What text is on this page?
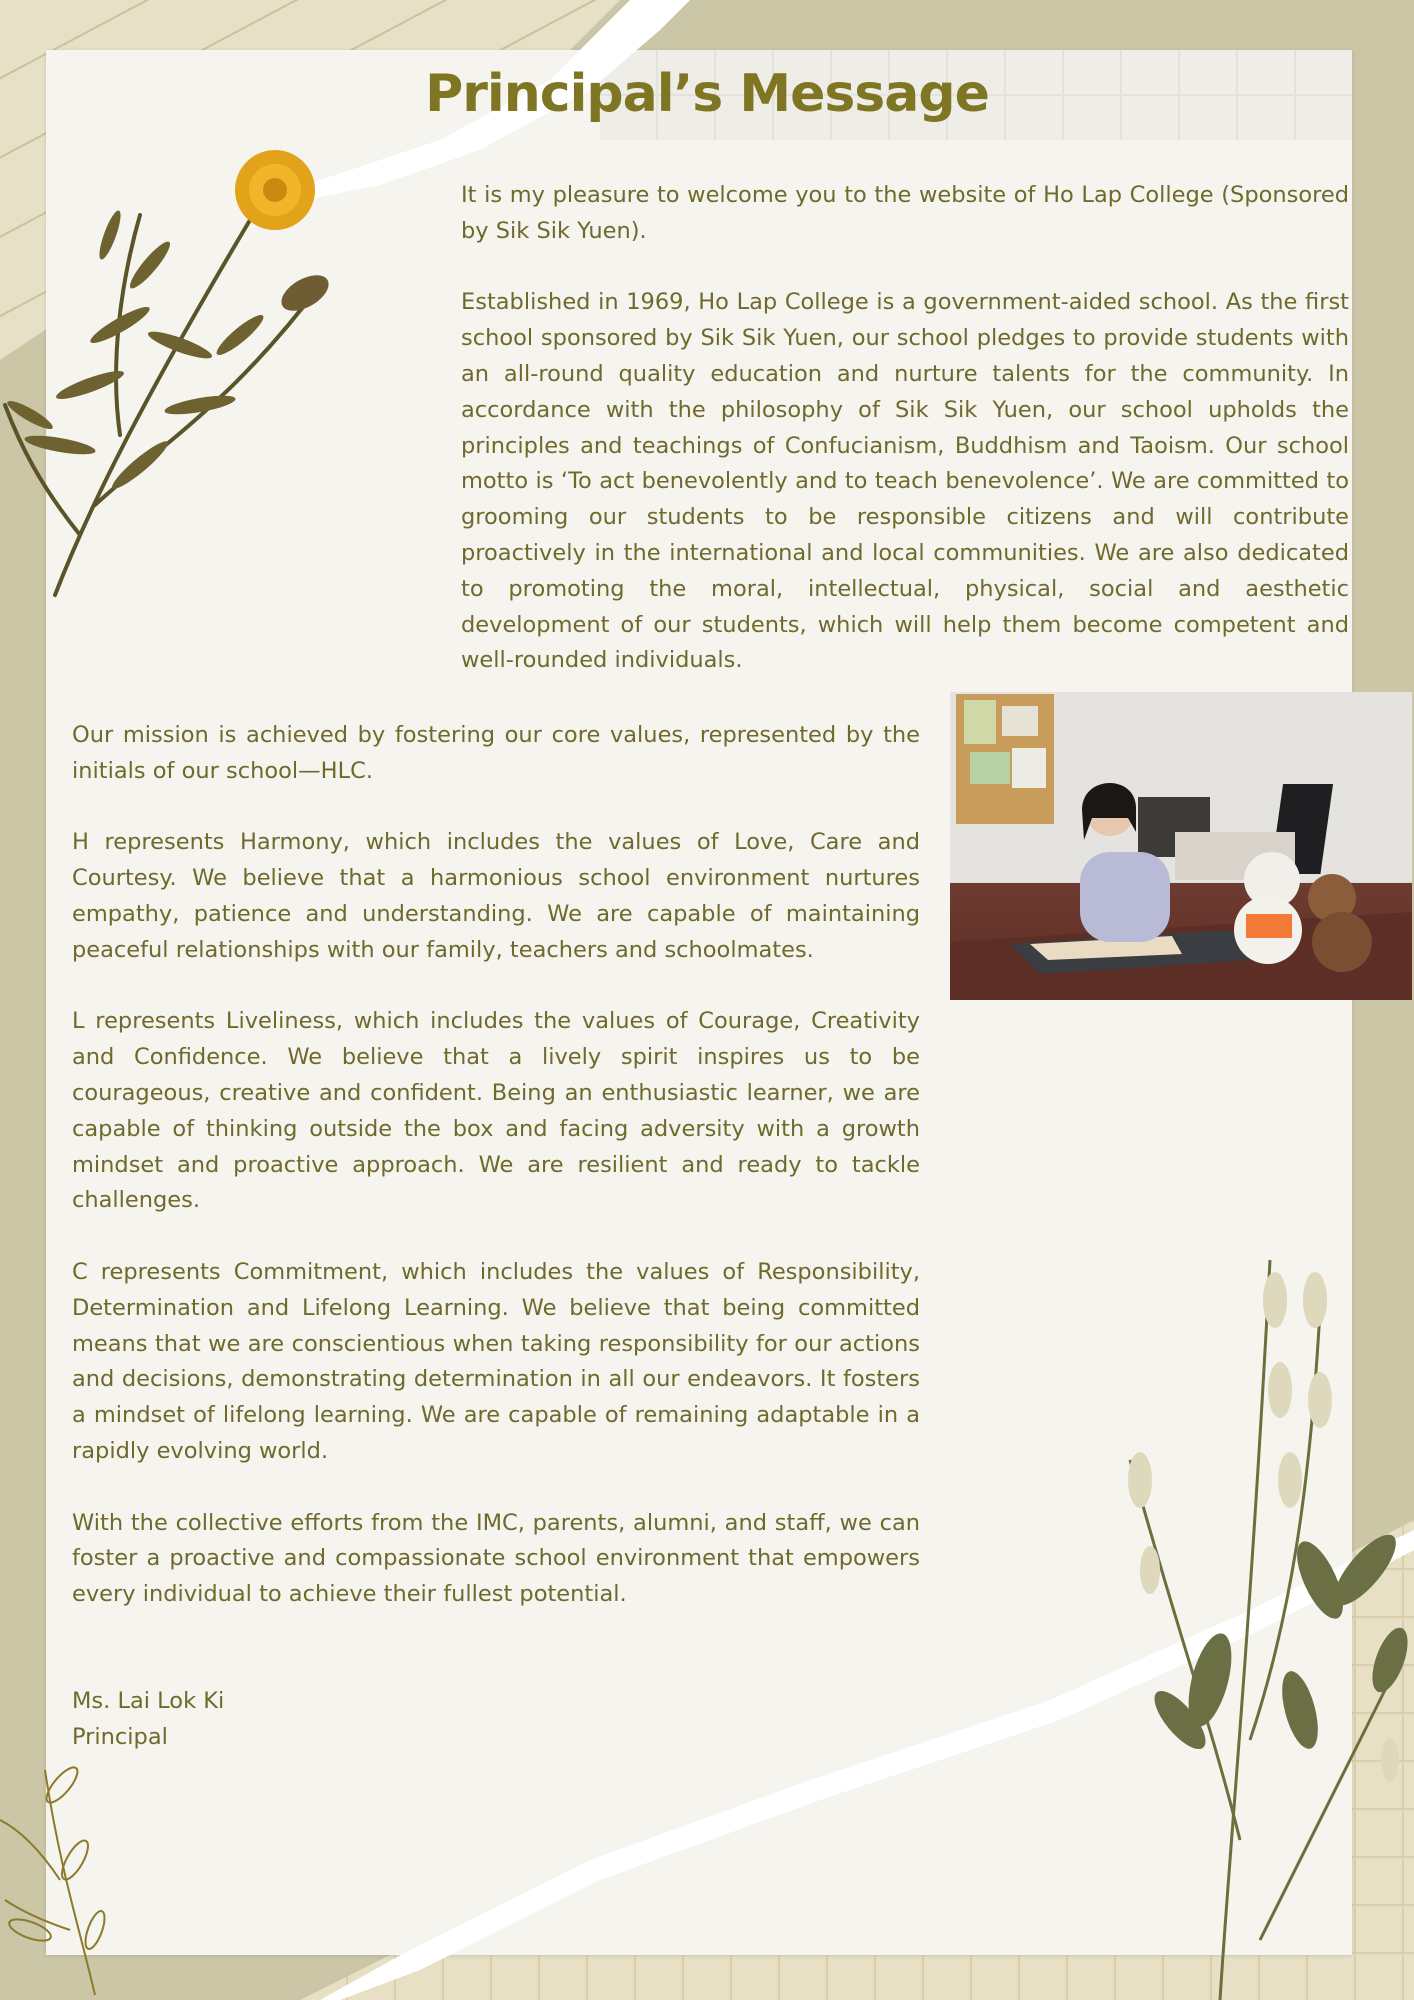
Principal’s Message

It is my pleasure to welcome you to the website of Ho Lap College (Sponsored by Sik Sik Yuen).

Established in 1969, Ho Lap College is a government-aided school. As the first school sponsored by Sik Sik Yuen, our school pledges to provide students with an all-round quality education and nurture talents for the community. In accordance with the philosophy of Sik Sik Yuen, our school upholds the principles and teachings of Confucianism, Buddhism and Taoism. Our school motto is ‘To act benevolently and to teach benevolence’. We are committed to grooming our students to be responsible citizens and will contribute proactively in the international and local communities. We are also dedicated to promoting the moral, intellectual, physical, social and aesthetic development of our students, which will help them become competent and well-rounded individuals.

Our mission is achieved by fostering our core values, represented by the initials of our school—HLC.

H represents Harmony, which includes the values of Love, Care and Courtesy. We believe that a harmonious school environment nurtures empathy, patience and understanding. We are capable of maintaining peaceful relationships with our family, teachers and schoolmates.

L represents Liveliness, which includes the values of Courage, Creativity and Confidence. We believe that a lively spirit inspires us to be courageous, creative and confident. Being an enthusiastic learner, we are capable of thinking outside the box and facing adversity with a growth mindset and proactive approach. We are resilient and ready to tackle challenges.

C represents Commitment, which includes the values of Responsibility, Determination and Lifelong Learning. We believe that being committed means that we are conscientious when taking responsibility for our actions and decisions, demonstrating determination in all our endeavors. It fosters a mindset of lifelong learning. We are capable of remaining adaptable in a rapidly evolving world.

With the collective efforts from the IMC, parents, alumni, and staff, we can foster a proactive and compassionate school environment that empowers every individual to achieve their fullest potential.

Ms. Lai Lok Ki
Principal
